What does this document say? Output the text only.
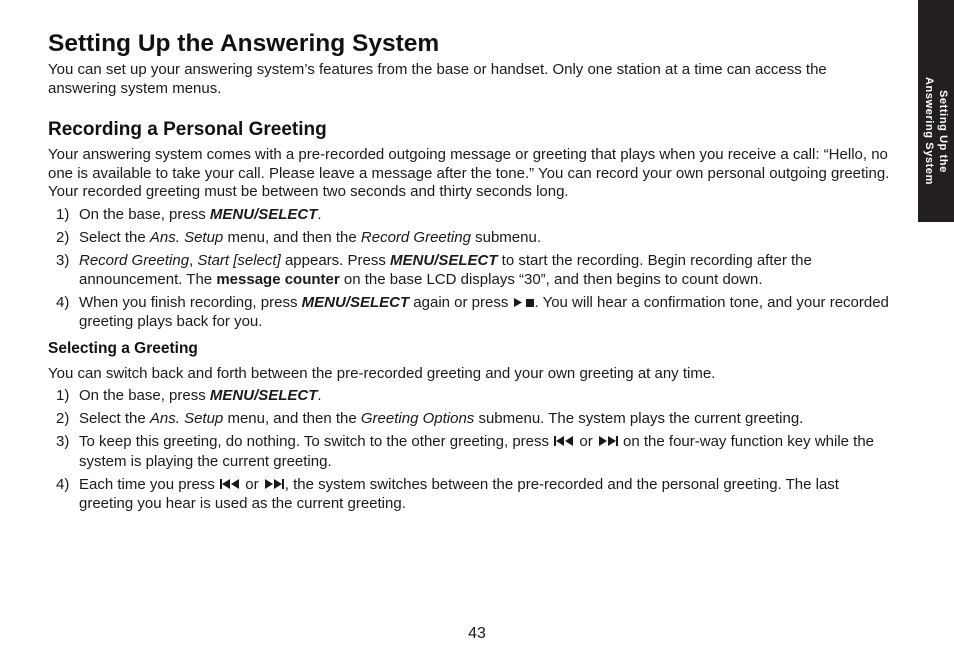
Setting Up the
Answering System
Setting Up the Answering System

You can set up your answering system’s features from the base or handset. Only one station at a time can access the answering system menus.

Recording a Personal Greeting

Your answering system comes with a pre-recorded outgoing message or greeting that plays when you receive a call: “Hello, no one is available to take your call. Please leave a message after the tone.” You can record your own personal outgoing greeting. Your recorded greeting must be between two seconds and thirty seconds long.

1) On the base, press MENU/SELECT.
2) Select the Ans. Setup menu, and then the Record Greeting submenu.
3) Record Greeting, Start [select] appears. Press MENU/SELECT to start the recording. Begin recording after the announcement. The message counter on the base LCD displays “30”, and then begins to count down.
4) When you finish recording, press MENU/SELECT again or press . You will hear a confirmation tone, and your recorded greeting plays back for you.
Selecting a Greeting

You can switch back and forth between the pre-recorded greeting and your own greeting at any time.

1) On the base, press MENU/SELECT.
2) Select the Ans. Setup menu, and then the Greeting Options submenu. The system plays the current greeting.
3) To keep this greeting, do nothing. To switch to the other greeting, press  or  on the four-way function key while the system is playing the current greeting.
4) Each time you press  or , the system switches between the pre-recorded and the personal greeting. The last greeting you hear is used as the current greeting.
43
